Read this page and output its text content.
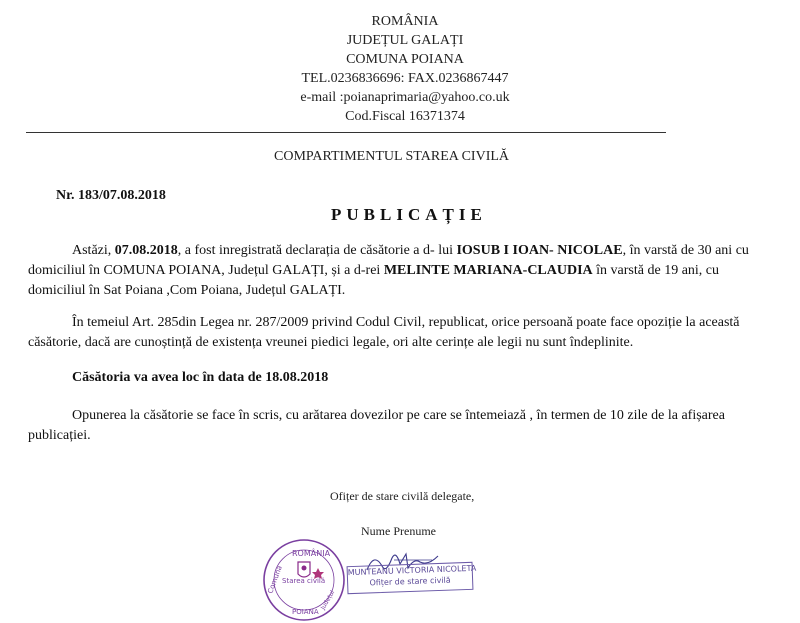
ROMÂNIA
JUDEȚUL GALAȚI
COMUNA POIANA
TEL.0236836696: FAX.0236867447
e-mail :poianaprimaria@yahoo.co.uk
Cod.Fiscal 16371374
COMPARTIMENTUL STAREA CIVILĂ
Nr. 183/07.08.2018
PUBLICAȚIE
Astăzi, 07.08.2018, a fost inregistrată declarația de căsătorie a d- lui IOSUB I IOAN- NICOLAE, în varstă de 30 ani cu domiciliul în COMUNA POIANA, Județul GALAȚI, și a d-rei MELINTE MARIANA-CLAUDIA în varstă de 19 ani, cu domiciliul în Sat Poiana ,Com Poiana, Județul GALAȚI.
În temeiul Art. 285din Legea nr. 287/2009 privind Codul Civil, republicat, orice persoană poate face opoziție la această căsătorie, dacă are cunoștință de existența vreunei piedici legale, ori alte cerințe ale legii nu sunt îndeplinite.
Căsătoria va avea loc în data de 18.08.2018
Opunerea la căsătorie se face în scris, cu arătarea dovezilor pe care se întemeiază , în termen de 10 zile de la afișarea publicației.
Ofițer de stare civilă delegate,
Nume Prenume
ROMÂNIA
Comuna
Starea civilă
POIANA
Județul
MUNTEANU VICTORIA NICOLETA
Ofițer de stare civilă
